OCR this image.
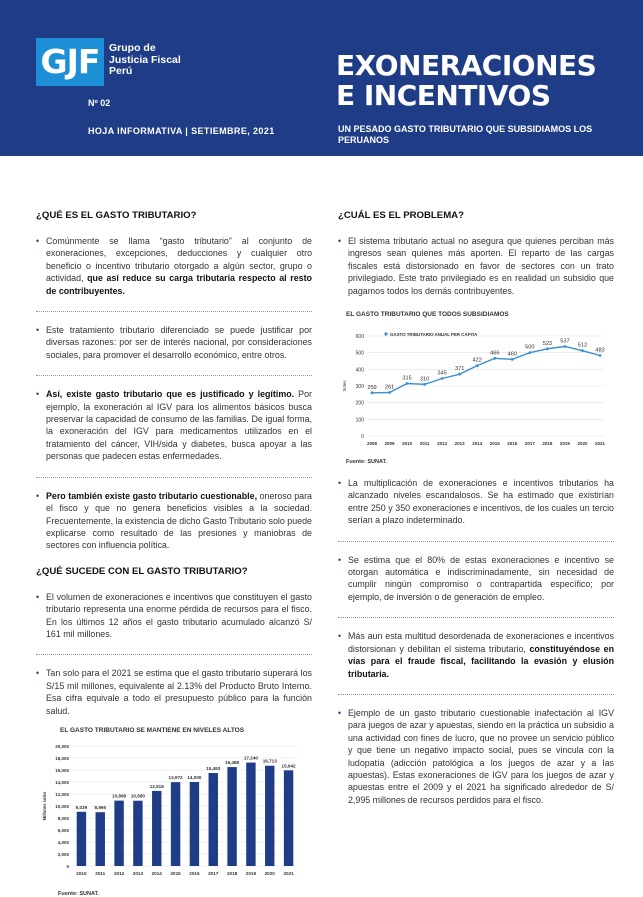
GJF Grupo de
Justicia Fiscal
Perú
Nº 02
HOJA INFORMATIVA | SETIEMBRE, 2021
EXONERACIONES
E INCENTIVOS
UN PESADO GASTO TRIBUTARIO QUE SUBSIDIAMOS LOS PERUANOS
¿QUÉ ES EL GASTO TRIBUTARIO?
• Comúnmente se llama “gasto tributario” al conjunto de exoneraciones, excepciones, deducciones y cualquier otro beneficio o incentivo tributario otorgado a algún sector, grupo o actividad, que así reduce su carga tributaria respecto al resto de contribuyentes.
• Este tratamiento tributario diferenciado se puede justificar por diversas razones: por ser de interés nacional, por consideraciones sociales, para promover el desarrollo económico, entre otros.
• Así, existe gasto tributario que es justificado y legítimo. Por ejemplo, la exoneración al IGV para los alimentos básicos busca preservar la capacidad de consumo de las familias. De igual forma, la exoneración del IGV para medicamentos utilizados en el tratamiento del cáncer, VIH/sida y diabetes, busca apoyar a las personas que padecen estas enfermedades.
• Pero también existe gasto tributario cuestionable, oneroso para el fisco y que no genera beneficios visibles a la sociedad. Frecuentemente, la existencia de dicho Gasto Tributario solo puede explicarse como resultado de las presiones y maniobras de sectores con influencia política.
¿QUÉ SUCEDE CON EL GASTO TRIBUTARIO?
• El volumen de exoneraciones e incentivos que constituyen el gasto tributario representa una enorme pérdida de recursos para el fisco. En los últimos 12 años el gasto tributario acumulado alcanzó S/ 161 mil millones.
• Tan solo para el 2021 se estima que el gasto tributario superará los S/15 mil millones, equivalente al 2.13% del Producto Bruto Interno. Esa cifra equivale a todo el presupuesto público para la función salud.
EL GASTO TRIBUTARIO SE MANTIENE EN NIVELES ALTOS
0
2,000
4,000
6,000
8,000
10,000
12,000
14,000
16,000
18,000
20,000
Millones soles	9,039
2010
8,966
2011
10,898
2012
10,880
2013
12,518
2014
13,972
2015
14,000
2016
15,493
2017
16,488
2018
17,240
2019
16,713
2020
15,942
2021
Fuente: SUNAT.
¿CUÁL ES EL PROBLEMA?
• El sistema tributario actual no asegura que quienes perciban más ingresos sean quienes más aporten. El reparto de las cargas fiscales está distorsionado en favor de sectores con un trato privilegiado. Este trato privilegiado es en realidad un subsidio que pagamos todos los demás contribuyentes.
EL GASTO TRIBUTARIO QUE TODOS SUBSIDIAMOS
0
100
200
300
400
500
600
Soles	259 261
315 310
345
371
422
466 460
500
523 537
512
483
2008 2009 2010 2011 2012 2013 2014 2015 2016 2017 2018 2019 2020 2021
GASTO TRIBUTARIO ANUAL PER CÁPITA
Fuente: SUNAT.
• La multiplicación de exoneraciones e incentivos tributarios ha alcanzado niveles escandalosos. Se ha estimado que existirían entre 250 y 350 exoneraciones e incentivos, de los cuales un tercio serían a plazo indeterminado.
• Se estima que el 80% de estas exoneraciones e incentivo se otorgan automática e indiscriminadamente, sin necesidad de cumplir ningún compromiso o contrapartida específico; por ejemplo, de inversión o de generación de empleo.
• Más aun esta multitud desordenada de exoneraciones e incentivos distorsionan y debilitan el sistema tributario, constituyéndose en vías para el fraude fiscal, facilitando la evasión y elusión tributaria.
• Ejemplo de un gasto tributario cuestionable inafectación al IGV para juegos de azar y apuestas, siendo en la práctica un subsidio a una actividad con fines de lucro, que no provee un servicio público y que tiene un negativo impacto social, pues se vincula con la ludopatía (adicción patológica a los juegos de azar y a las apuestas). Estas exoneraciones de IGV para los juegos de azar y apuestas entre el 2009 y el 2021 ha significado alrededor de S/ 2,995 millones de recursos perdidos para el fisco.
